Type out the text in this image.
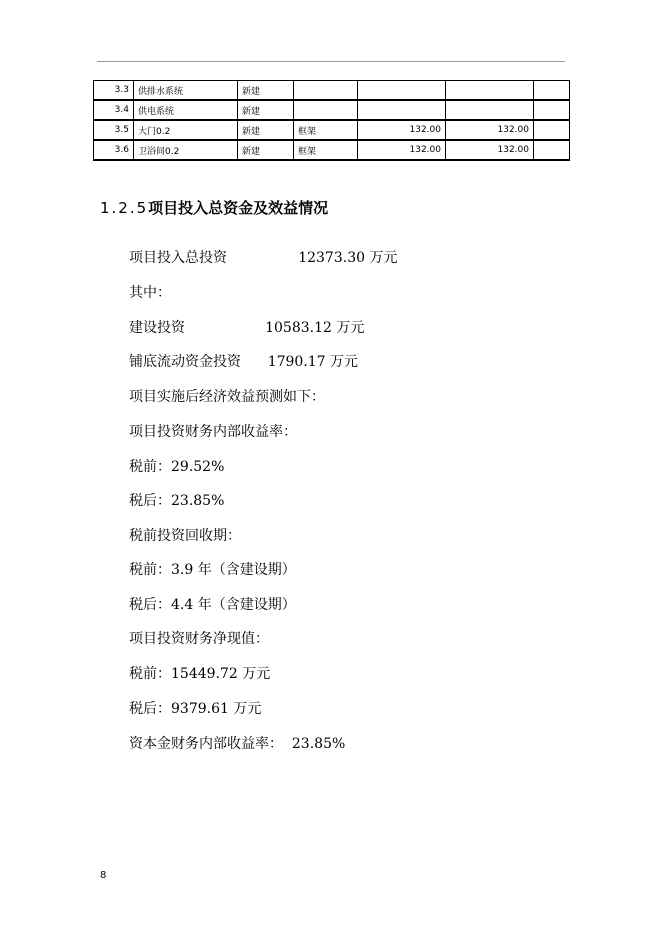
3.3	供排水系统	新建				
3.4	供电系统	新建				
3.5	大门0.2	新建	框架	132.00	132.00	
3.6	卫浴间0.2	新建	框架	132.00	132.00	
1.2.5项目投入总资金及效益情况
项目投入总投资                12373.30 万元
其中：
建设投资                  10583.12 万元
铺底流动资金投资      1790.17 万元
项目实施后经济效益预测如下：
项目投资财务内部收益率：
税前：29.52%
税后：23.85%
税前投资回收期：
税前：3.9 年（含建设期）
税后：4.4 年（含建设期）
项目投资财务净现值：
税前：15449.72 万元
税后：9379.61 万元
资本金财务内部收益率：  23.85%
8
